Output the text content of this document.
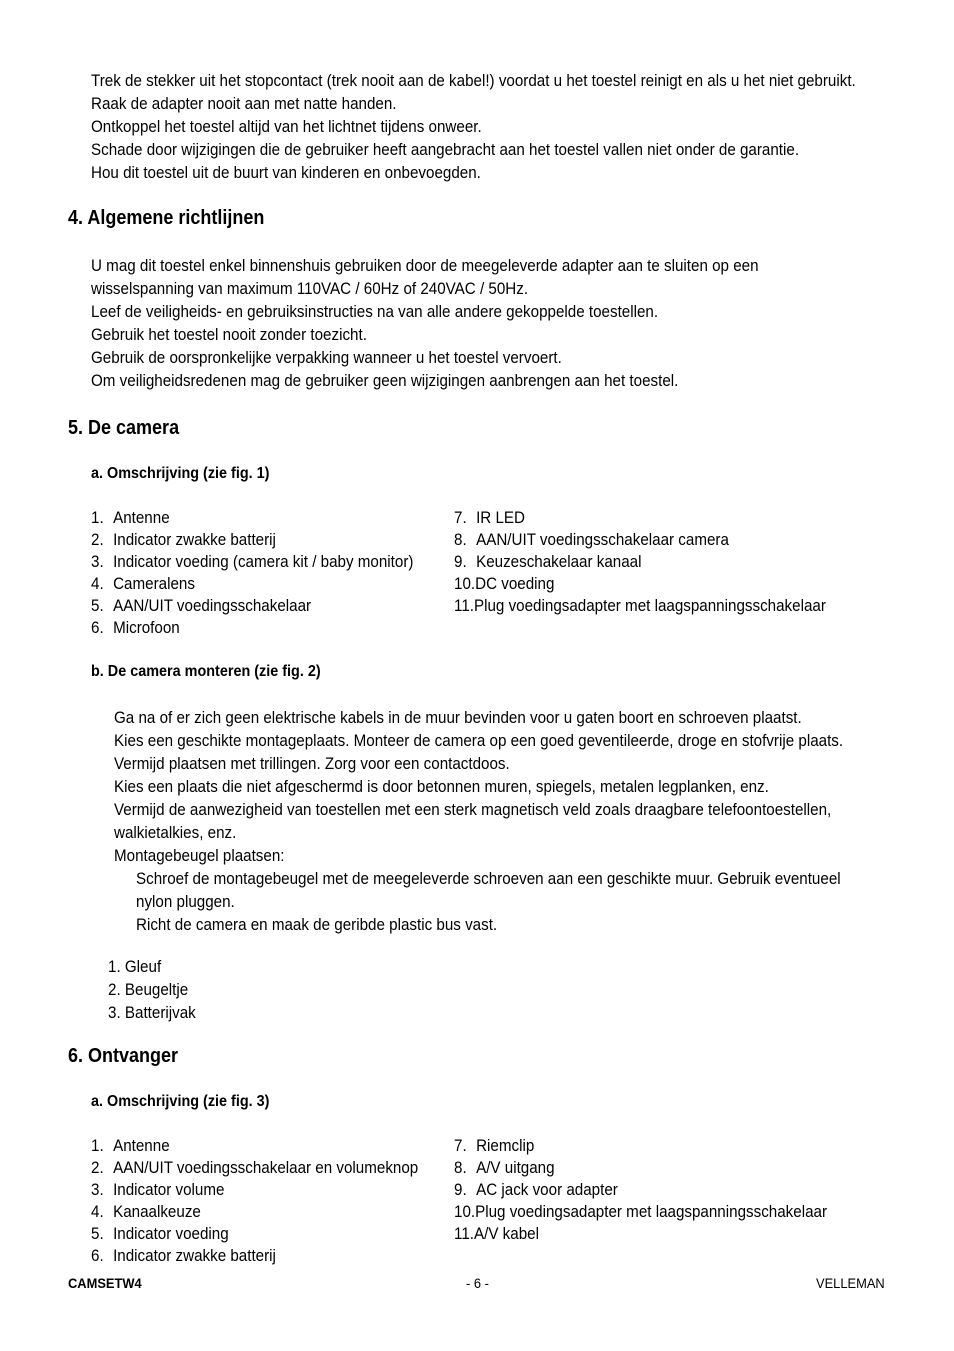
Trek de stekker uit het stopcontact (trek nooit aan de kabel!) voordat u het toestel reinigt en als u het niet gebruikt.
Raak de adapter nooit aan met natte handen.
Ontkoppel het toestel altijd van het lichtnet tijdens onweer.
Schade door wijzigingen die de gebruiker heeft aangebracht aan het toestel vallen niet onder de garantie.
Hou dit toestel uit de buurt van kinderen en onbevoegden.
4. Algemene richtlijnen
U mag dit toestel enkel binnenshuis gebruiken door de meegeleverde adapter aan te sluiten op een
wisselspanning van maximum 110VAC / 60Hz of 240VAC / 50Hz.
Leef de veiligheids- en gebruiksinstructies na van alle andere gekoppelde toestellen.
Gebruik het toestel nooit zonder toezicht.
Gebruik de oorspronkelijke verpakking wanneer u het toestel vervoert.
Om veiligheidsredenen mag de gebruiker geen wijzigingen aanbrengen aan het toestel.
5. De camera
a. Omschrijving (zie fig. 1)
1. Antenne
2. Indicator zwakke batterij
3. Indicator voeding (camera kit / baby monitor)
4. Cameralens
5. AAN/UIT voedingsschakelaar
6. Microfoon
7. IR LED
8. AAN/UIT voedingsschakelaar camera
9. Keuzeschakelaar kanaal
10.DC voeding
11.Plug voedingsadapter met laagspanningsschakelaar
b. De camera monteren (zie fig. 2)
Ga na of er zich geen elektrische kabels in de muur bevinden voor u gaten boort en schroeven plaatst.
Kies een geschikte montageplaats. Monteer de camera op een goed geventileerde, droge en stofvrije plaats.
Vermijd plaatsen met trillingen. Zorg voor een contactdoos.
Kies een plaats die niet afgeschermd is door betonnen muren, spiegels, metalen legplanken, enz.
Vermijd de aanwezigheid van toestellen met een sterk magnetisch veld zoals draagbare telefoontoestellen,
walkietalkies, enz.
Montagebeugel plaatsen:
Schroef de montagebeugel met de meegeleverde schroeven aan een geschikte muur. Gebruik eventueel
nylon pluggen.
Richt de camera en maak de geribde plastic bus vast.
1. Gleuf
2. Beugeltje
3. Batterijvak
6. Ontvanger
a. Omschrijving (zie fig. 3)
1. Antenne
2. AAN/UIT voedingsschakelaar en volumeknop
3. Indicator volume
4. Kanaalkeuze
5. Indicator voeding
6. Indicator zwakke batterij
7. Riemclip
8. A/V uitgang
9. AC jack voor adapter
10.Plug voedingsadapter met laagspanningsschakelaar
11.A/V kabel
CAMSETW4	- 6 -	VELLEMAN
